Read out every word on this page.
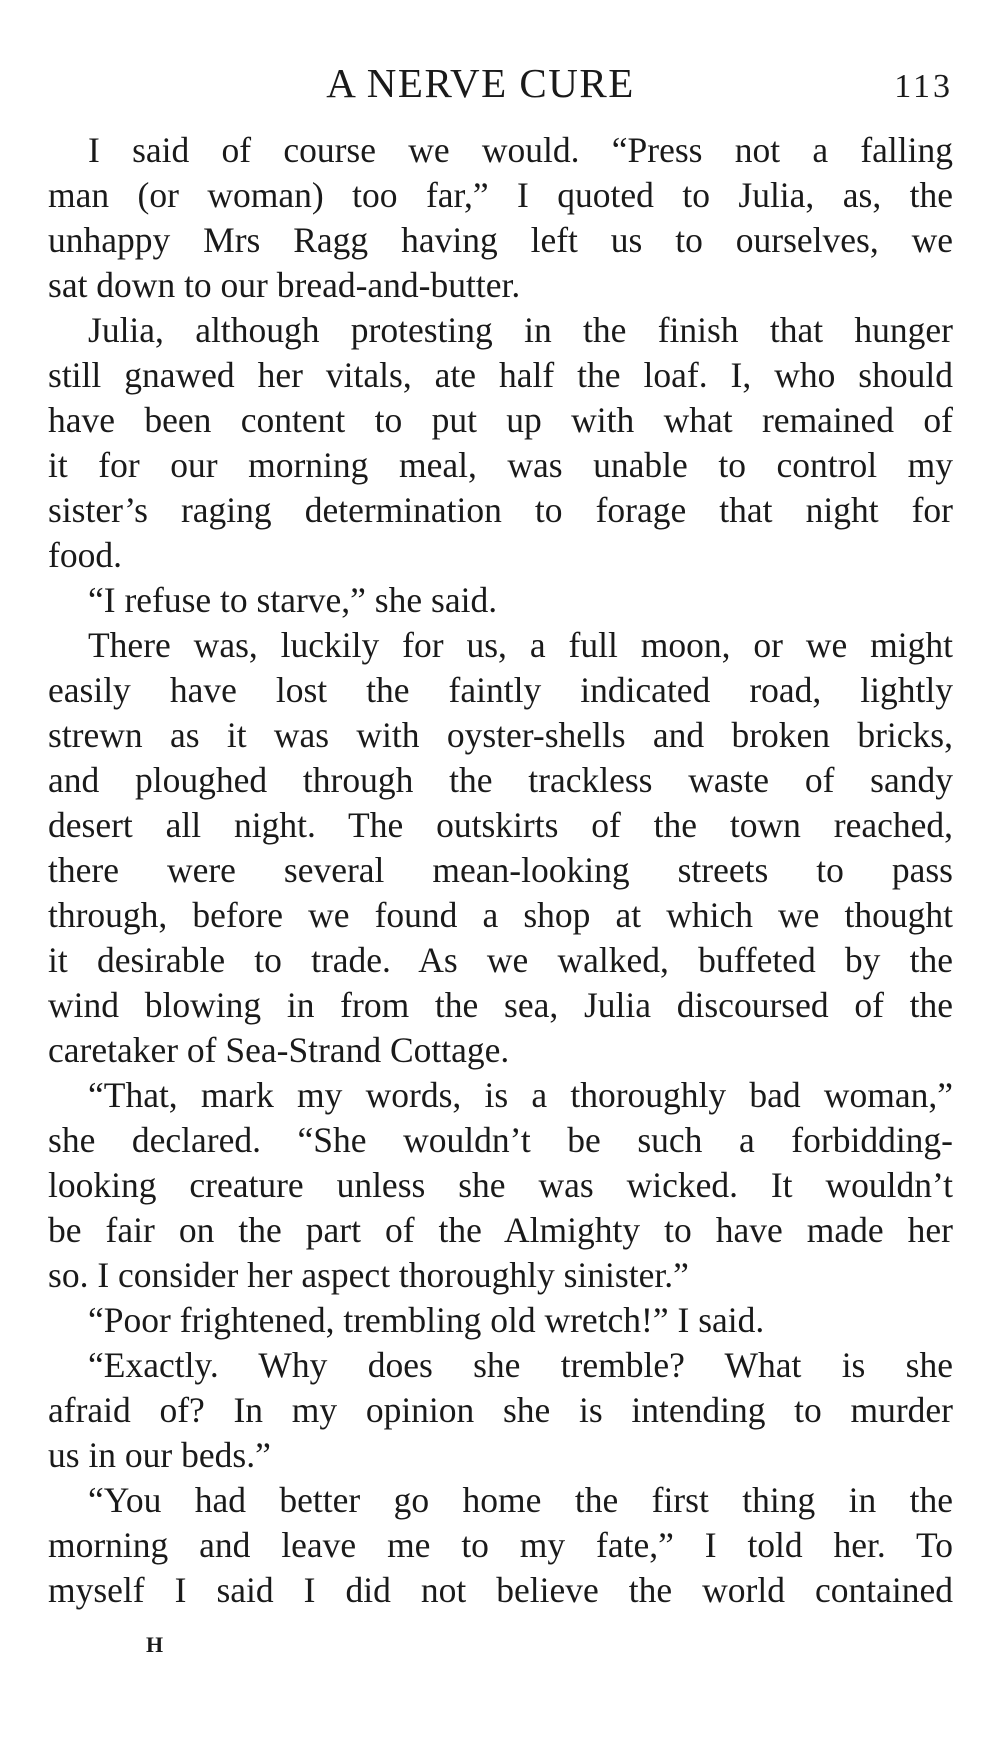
A NERVE CURE	113
I said of course we would. “Press not a falling
man (or woman) too far,” I quoted to Julia, as, the
unhappy Mrs Ragg having left us to ourselves, we
sat down to our bread-and-butter.
Julia, although protesting in the finish that hunger
still gnawed her vitals, ate half the loaf. I, who should
have been content to put up with what remained of
it for our morning meal, was unable to control my
sister’s raging determination to forage that night for
food.
“I refuse to starve,” she said.
There was, luckily for us, a full moon, or we might
easily have lost the faintly indicated road, lightly
strewn as it was with oyster-shells and broken bricks,
and ploughed through the trackless waste of sandy
desert all night. The outskirts of the town reached,
there were several mean-looking streets to pass
through, before we found a shop at which we thought
it desirable to trade. As we walked, buffeted by the
wind blowing in from the sea, Julia discoursed of the
caretaker of Sea-Strand Cottage.
“That, mark my words, is a thoroughly bad woman,”
she declared. “She wouldn’t be such a forbidding-
looking creature unless she was wicked. It wouldn’t
be fair on the part of the Almighty to have made her
so. I consider her aspect thoroughly sinister.”
“Poor frightened, trembling old wretch!” I said.
“Exactly. Why does she tremble? What is she
afraid of? In my opinion she is intending to murder
us in our beds.”
“You had better go home the first thing in the
morning and leave me to my fate,” I told her. To
myself I said I did not believe the world contained
H
